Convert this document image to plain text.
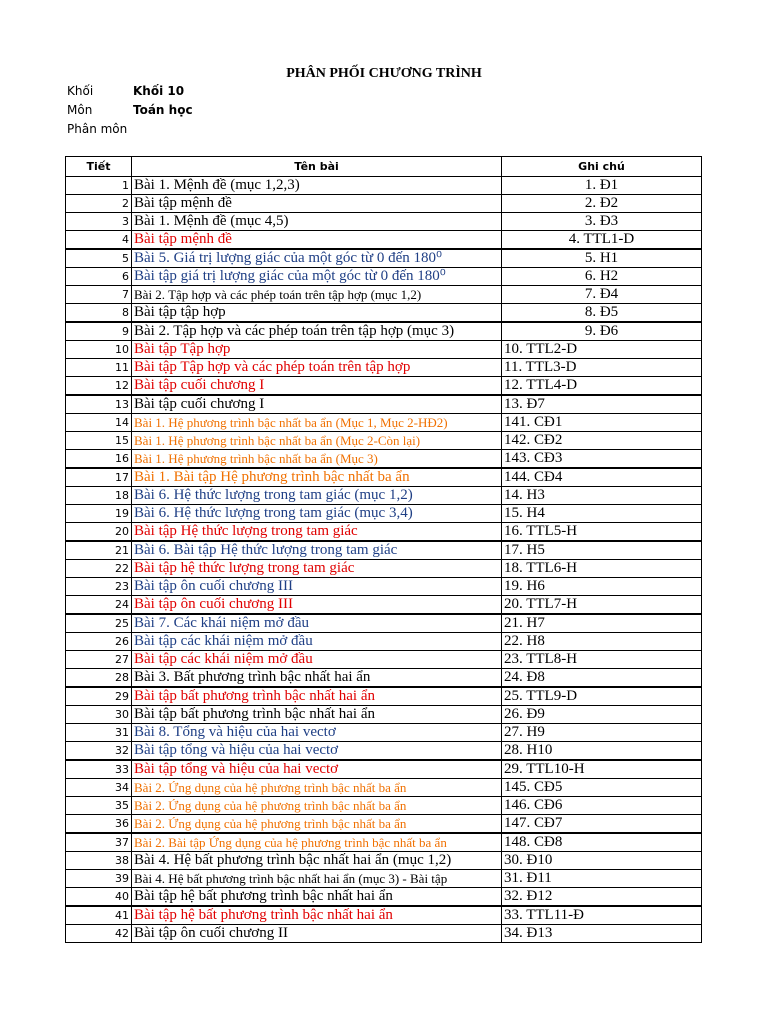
PHÂN PHỐI CHƯƠNG TRÌNH
Khối	Khối 10
Môn	Toán học
Phân môn
Tiết	Tên bài	Ghi chú
1	Bài 1. Mệnh đề (mục 1,2,3)	1. Đ1
2	Bài tập mệnh đề	2. Đ2
3	Bài 1. Mệnh đề (mục 4,5)	3. Đ3
4	Bài tập mệnh đề	4. TTL1-D
5	Bài 5. Giá trị lượng giác của một góc từ 0 đến 180⁰	5. H1
6	Bài tập giá trị lượng giác của một góc từ 0 đến 180⁰	6. H2
7	Bài 2. Tập hợp và các phép toán trên tập hợp (mục 1,2)	7. Đ4
8	Bài tập tập hợp	8. Đ5
9	Bài 2. Tập hợp và các phép toán trên tập hợp (mục 3)	9. Đ6
10	Bài tập Tập hợp	10. TTL2-D
11	Bài tập Tập hợp và các phép toán trên tập hợp	11. TTL3-D
12	Bài tập cuối chương I	12. TTL4-D
13	Bài tập cuối chương I	13. Đ7
14	Bài 1. Hệ phương trình bậc nhất ba ẩn (Mục 1, Mục 2-HĐ2)	141. CĐ1
15	Bài 1. Hệ phương trình bậc nhất ba ẩn (Mục 2-Còn lại)	142. CĐ2
16	Bài 1. Hệ phương trình bậc nhất ba ẩn (Mục 3)	143. CĐ3
17	Bài 1. Bài tập Hệ phương trình bậc nhất ba ẩn	144. CĐ4
18	Bài 6. Hệ thức lượng trong tam giác (mục 1,2)	14. H3
19	Bài 6. Hệ thức lượng trong tam giác (mục 3,4)	15. H4
20	Bài tập Hệ thức lượng trong tam giác	16. TTL5-H
21	Bài 6. Bài tập Hệ thức lượng trong tam giác	17. H5
22	Bài tập hệ thức lượng trong tam giác	18. TTL6-H
23	Bài tập ôn cuối chương III	19. H6
24	Bài tập ôn cuối chương III	20. TTL7-H
25	Bài 7. Các khái niệm mở đầu	21. H7
26	Bài tập các khái niệm mở đầu	22. H8
27	Bài tập các khái niệm mở đầu	23. TTL8-H
28	Bài 3. Bất phương trình bậc nhất hai ẩn	24. Đ8
29	Bài tập bất phương trình bậc nhất hai ẩn	25. TTL9-D
30	Bài tập bất phương trình bậc nhất hai ẩn	26. Đ9
31	Bài 8. Tổng và hiệu của hai vectơ	27. H9
32	Bài tập tổng và hiệu của hai vectơ	28. H10
33	Bài tập tổng và hiệu của hai vectơ	29. TTL10-H
34	Bài 2. Ứng dụng của hệ phương trình bậc nhất ba ẩn	145. CĐ5
35	Bài 2. Ứng dụng của hệ phương trình bậc nhất ba ẩn	146. CĐ6
36	Bài 2. Ứng dụng của hệ phương trình bậc nhất ba ẩn	147. CĐ7
37	Bài 2. Bài tập Ứng dụng của hệ phương trình bậc nhất ba ẩn	148. CĐ8
38	Bài 4. Hệ bất phương trình bậc nhất hai ẩn (mục 1,2)	30. Đ10
39	Bài 4. Hệ bất phương trình bậc nhất hai ẩn (mục 3) - Bài tập	31. Đ11
40	Bài tập hệ bất phương trình bậc nhất hai ẩn	32. Đ12
41	Bài tập hệ bất phương trình bậc nhất hai ẩn	33. TTL11-Đ
42	Bài tập ôn cuối chương II	34. Đ13
